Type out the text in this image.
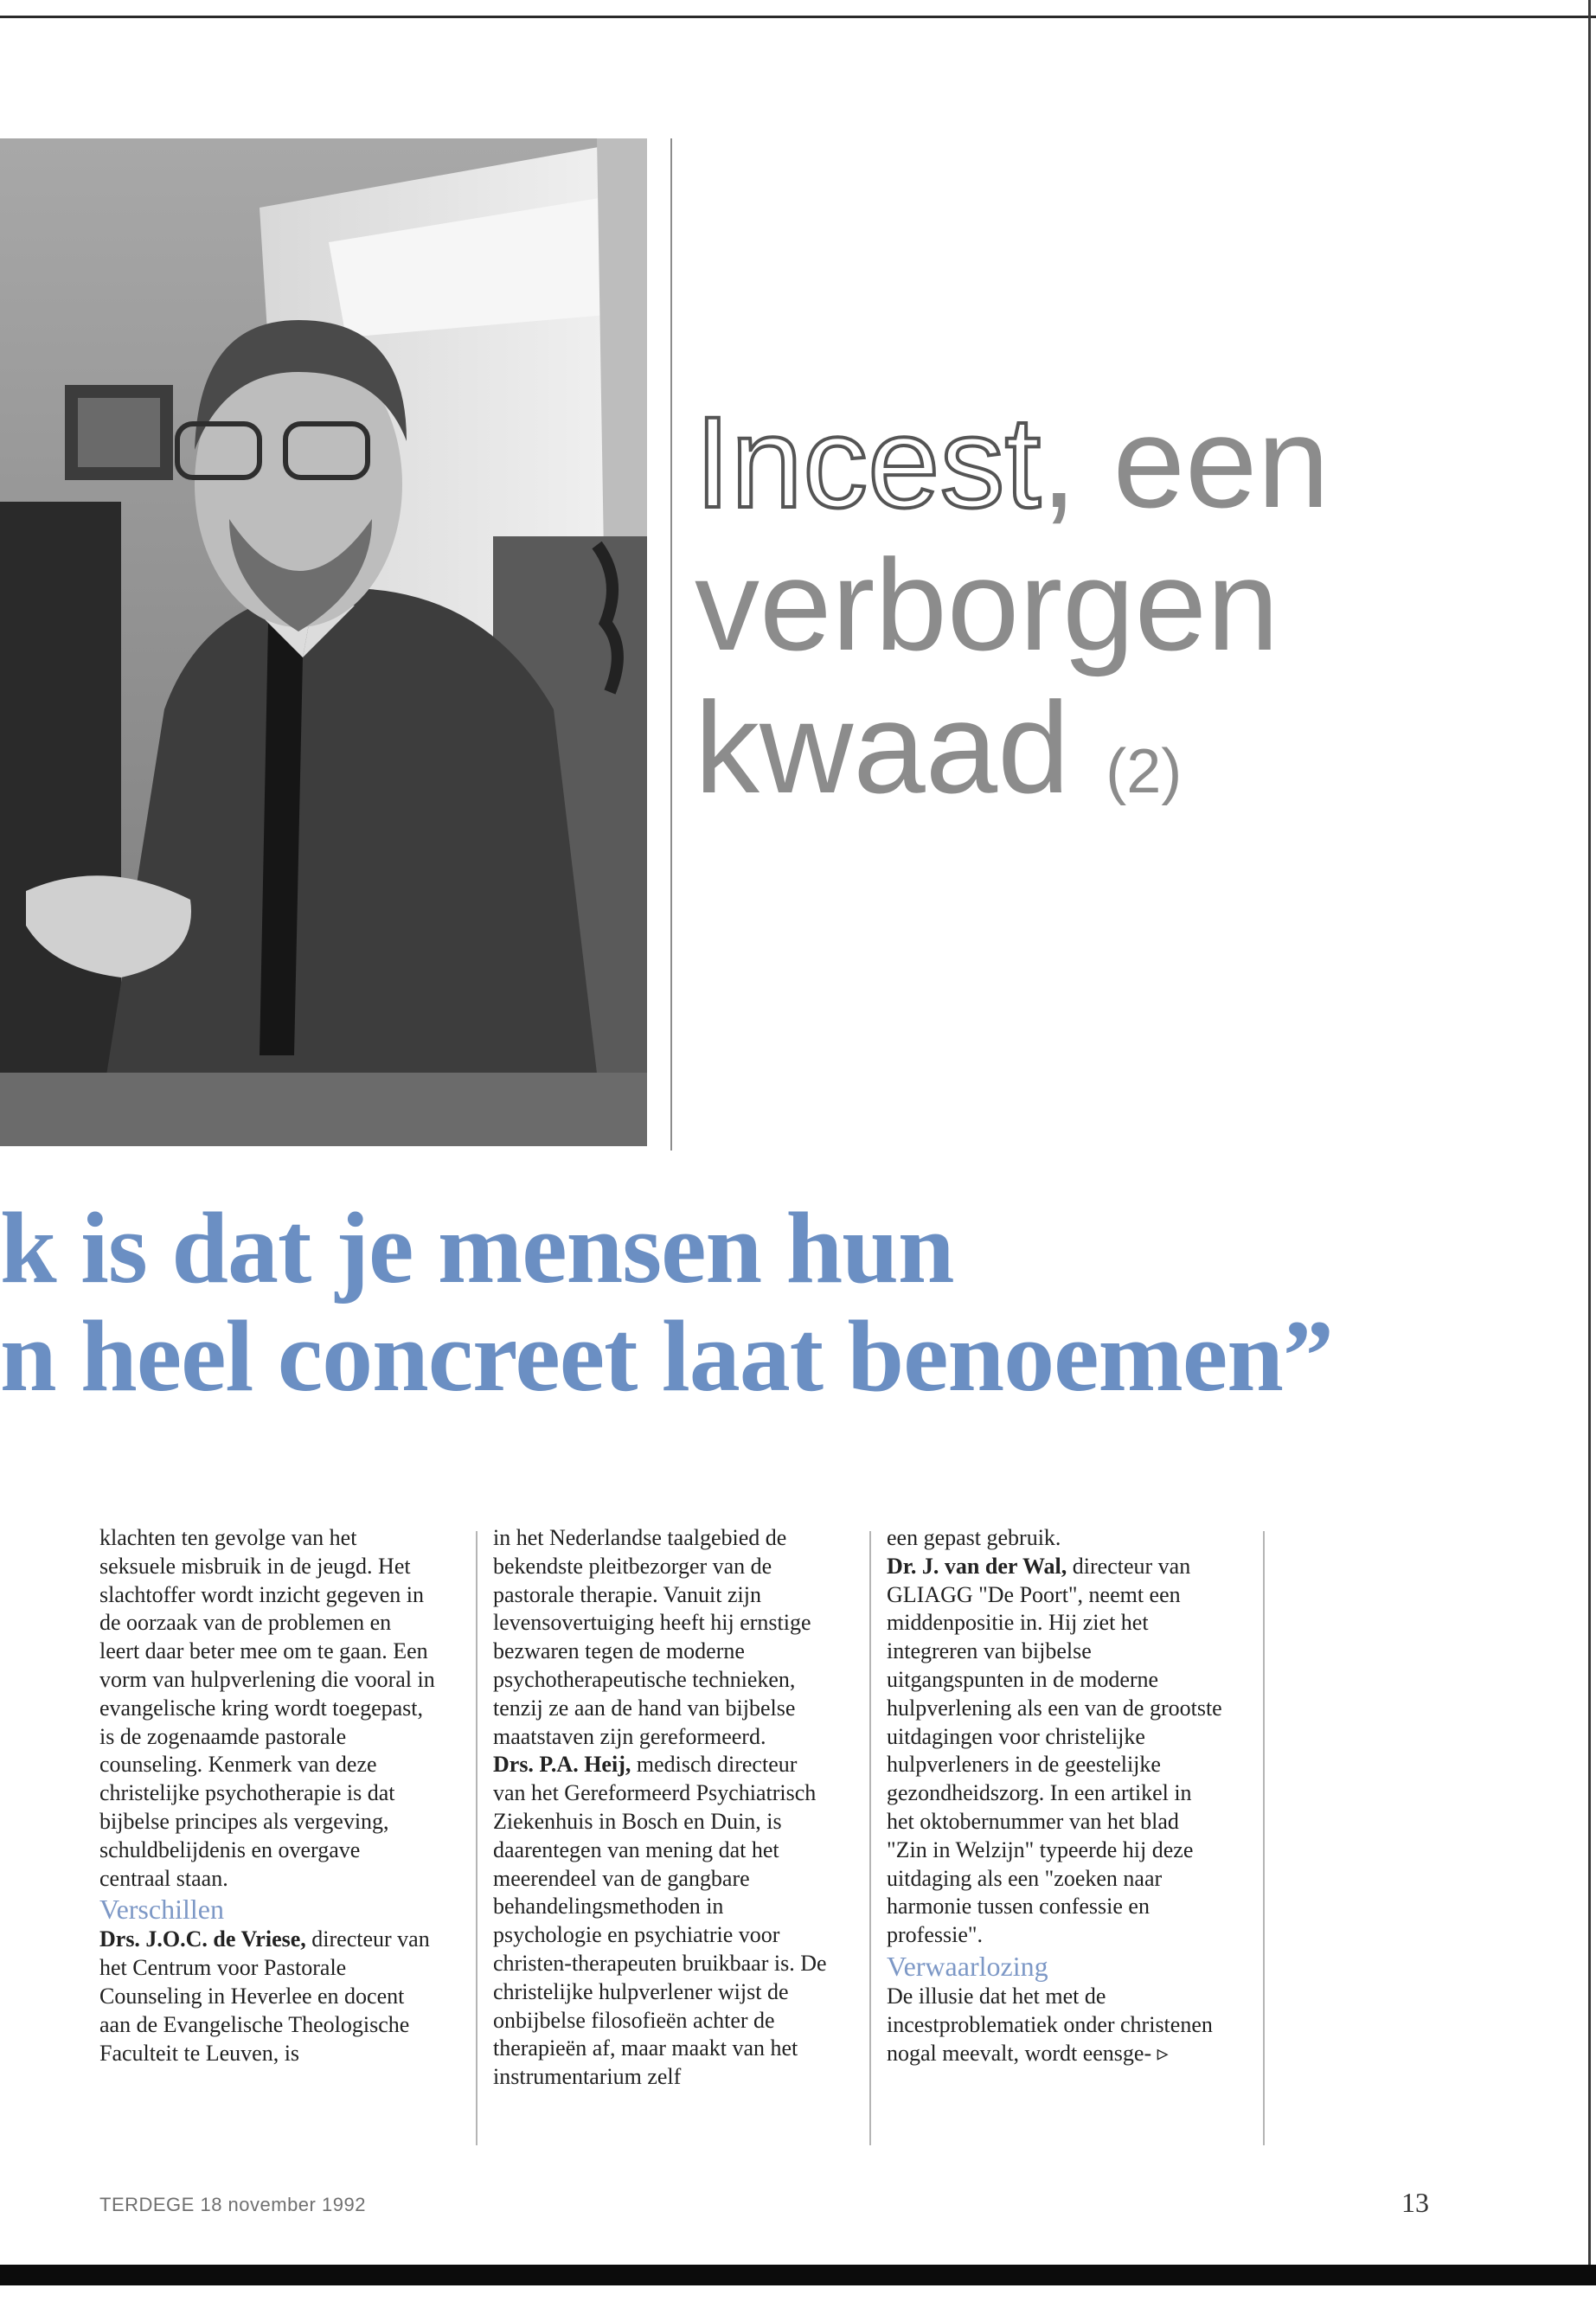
Incest, een
verborgen
kwaad (2)
k is dat je mensen hun
n heel concreet laat benoemen”

klachten ten gevolge van het seksuele misbruik in de jeugd. Het slachtoffer wordt inzicht gegeven in de oorzaak van de problemen en leert daar beter mee om te gaan. Een vorm van hulpverlening die vooral in evangelische kring wordt toegepast, is de zogenaamde pastorale counseling. Kenmerk van deze christelijke psychotherapie is dat bijbelse principes als vergeving, schuldbelijdenis en overgave centraal staan.

Verschillen

Drs. J.O.C. de Vriese, directeur van het Centrum voor Pastorale Counseling in Heverlee en docent aan de Evangelische Theologische Faculteit te Leuven, is

in het Nederlandse taalgebied de bekendste pleitbezorger van de pastorale therapie. Vanuit zijn levensovertuiging heeft hij ernstige bezwaren tegen de moderne psychotherapeutische technieken, tenzij ze aan de hand van bijbelse maatstaven zijn gereformeerd.

Drs. P.A. Heij, medisch directeur van het Gereformeerd Psychiatrisch Ziekenhuis in Bosch en Duin, is daarentegen van mening dat het meerendeel van de gangbare behandelingsmethoden in psychologie en psychiatrie voor christen-therapeuten bruikbaar is. De christelijke hulpverlener wijst de onbijbelse filosofieën achter de therapieën af, maar maakt van het instrumentarium zelf

een gepast gebruik.

Dr. J. van der Wal, directeur van GLIAGG "De Poort", neemt een middenpositie in. Hij ziet het integreren van bijbelse uitgangspunten in de moderne hulpverlening als een van de grootste uitdagingen voor christelijke hulpverleners in de geestelijke gezondheidszorg. In een artikel in het oktobernummer van het blad "Zin in Welzijn" typeerde hij deze uitdaging als een "zoeken naar harmonie tussen confessie en professie".

Verwaarlozing

De illusie dat het met de incestproblematiek onder christenen nogal meevalt, wordt eensge- ▹

TERDEGE 18 november 1992	13
